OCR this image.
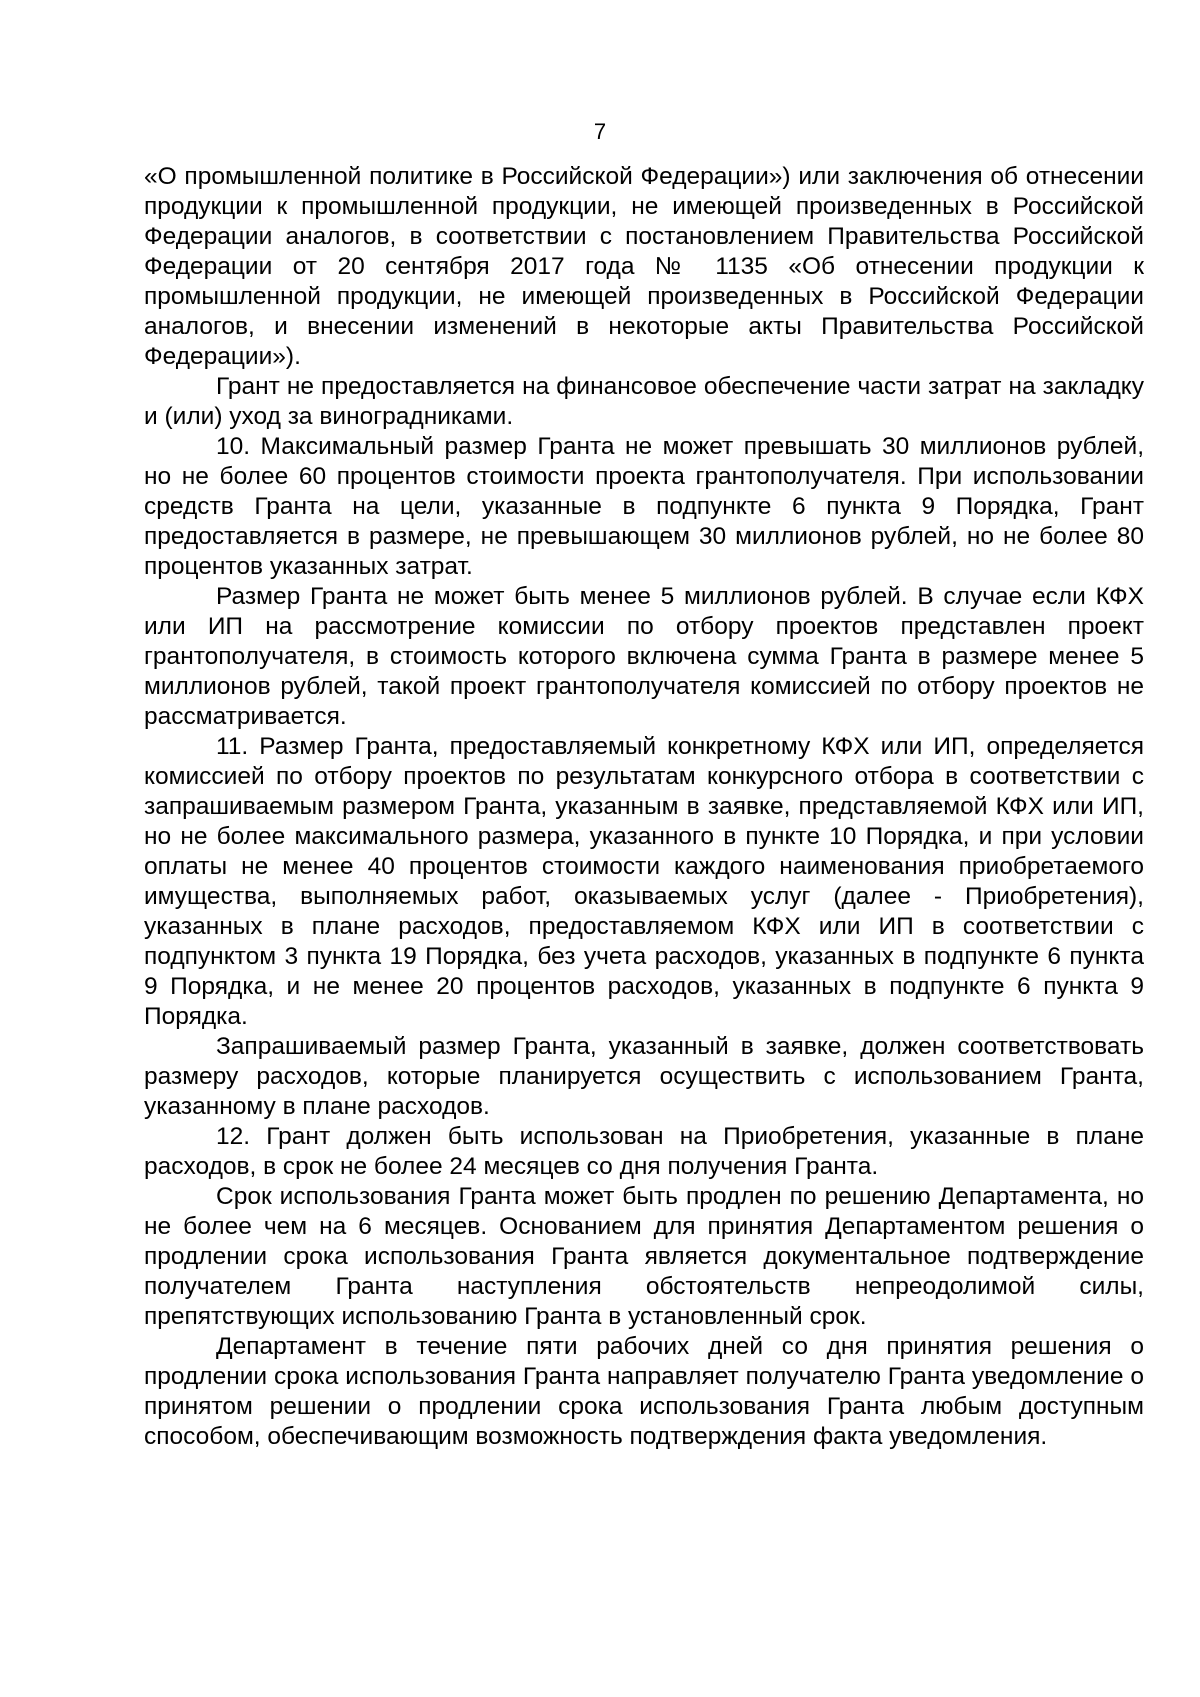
7

«О промышленной политике в Российской Федерации») или заключения об отнесении продукции к промышленной продукции, не имеющей произведенных в Российской Федерации аналогов, в соответствии с постановлением Правительства Российской Федерации от 20 сентября 2017 года № 1135 «Об отнесении продукции к промышленной продукции, не имеющей произведенных в Российской Федерации аналогов, и внесении изменений в некоторые акты Правительства Российской Федерации»).

Грант не предоставляется на финансовое обеспечение части затрат на закладку и (или) уход за виноградниками.

10. Максимальный размер Гранта не может превышать 30 миллионов рублей, но не более 60 процентов стоимости проекта грантополучателя. При использовании средств Гранта на цели, указанные в подпункте 6 пункта 9 Порядка, Грант предоставляется в размере, не превышающем 30 миллионов рублей, но не более 80 процентов указанных затрат.

Размер Гранта не может быть менее 5 миллионов рублей. В случае если КФХ или ИП на рассмотрение комиссии по отбору проектов представлен проект грантополучателя, в стоимость которого включена сумма Гранта в размере менее 5 миллионов рублей, такой проект грантополучателя комиссией по отбору проектов не рассматривается.

11. Размер Гранта, предоставляемый конкретному КФХ или ИП, определяется комиссией по отбору проектов по результатам конкурсного отбора в соответствии с запрашиваемым размером Гранта, указанным в заявке, представляемой КФХ или ИП, но не более максимального размера, указанного в пункте 10 Порядка, и при условии оплаты не менее 40 процентов стоимости каждого наименования приобретаемого имущества, выполняемых работ, оказываемых услуг (далее - Приобретения), указанных в плане расходов, предоставляемом КФХ или ИП в соответствии с подпунктом 3 пункта 19 Порядка, без учета расходов, указанных в подпункте 6 пункта 9 Порядка, и не менее 20 процентов расходов, указанных в подпункте 6 пункта 9 Порядка.

Запрашиваемый размер Гранта, указанный в заявке, должен соответствовать размеру расходов, которые планируется осуществить с использованием Гранта, указанному в плане расходов.

12. Грант должен быть использован на Приобретения, указанные в плане расходов, в срок не более 24 месяцев со дня получения Гранта.

Срок использования Гранта может быть продлен по решению Департамента, но не более чем на 6 месяцев. Основанием для принятия Департаментом решения о продлении срока использования Гранта является документальное подтверждение получателем Гранта наступления обстоятельств непреодолимой силы, препятствующих использованию Гранта в установленный срок.

Департамент в течение пяти рабочих дней со дня принятия решения о продлении срока использования Гранта направляет получателю Гранта уведомление о принятом решении о продлении срока использования Гранта любым доступным способом, обеспечивающим возможность подтверждения факта уведомления.
